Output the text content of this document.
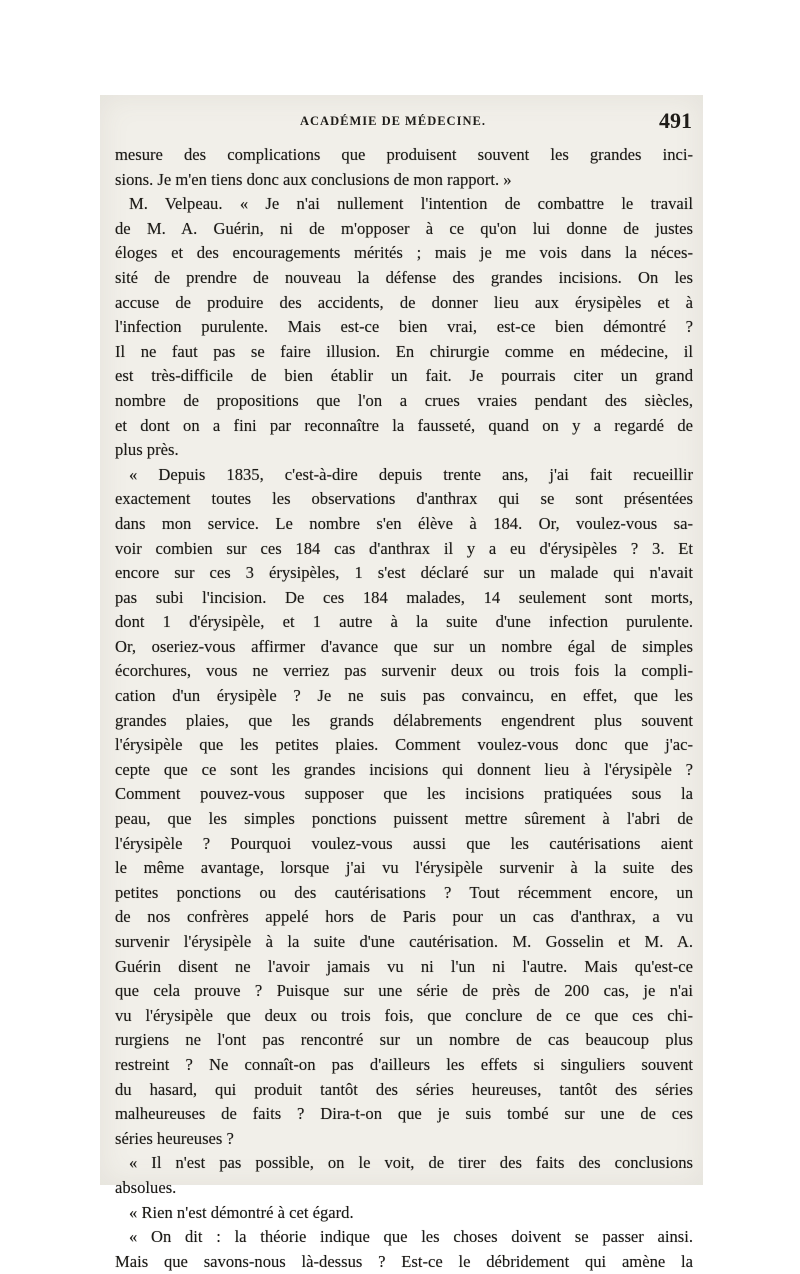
ACADÉMIE DE MÉDECINE.	491
mesure des complications que produisent souvent les grandes inci-
sions. Je m'en tiens donc aux conclusions de mon rapport. »
M. Velpeau. « Je n'ai nullement l'intention de combattre le travail
de M. A. Guérin, ni de m'opposer à ce qu'on lui donne de justes
éloges et des encouragements mérités ; mais je me vois dans la néces-
sité de prendre de nouveau la défense des grandes incisions. On les
accuse de produire des accidents, de donner lieu aux érysipèles et à
l'infection purulente. Mais est-ce bien vrai, est-ce bien démontré ?
Il ne faut pas se faire illusion. En chirurgie comme en médecine, il
est très-difficile de bien établir un fait. Je pourrais citer un grand
nombre de propositions que l'on a crues vraies pendant des siècles,
et dont on a fini par reconnaître la fausseté, quand on y a regardé de
plus près.
« Depuis 1835, c'est-à-dire depuis trente ans, j'ai fait recueillir
exactement toutes les observations d'anthrax qui se sont présentées
dans mon service. Le nombre s'en élève à 184. Or, voulez-vous sa-
voir combien sur ces 184 cas d'anthrax il y a eu d'érysipèles ? 3. Et
encore sur ces 3 érysipèles, 1 s'est déclaré sur un malade qui n'avait
pas subi l'incision. De ces 184 malades, 14 seulement sont morts,
dont 1 d'érysipèle, et 1 autre à la suite d'une infection purulente.
Or, oseriez-vous affirmer d'avance que sur un nombre égal de simples
écorchures, vous ne verriez pas survenir deux ou trois fois la compli-
cation d'un érysipèle ? Je ne suis pas convaincu, en effet, que les
grandes plaies, que les grands délabrements engendrent plus souvent
l'érysipèle que les petites plaies. Comment voulez-vous donc que j'ac-
cepte que ce sont les grandes incisions qui donnent lieu à l'érysipèle ?
Comment pouvez-vous supposer que les incisions pratiquées sous la
peau, que les simples ponctions puissent mettre sûrement à l'abri de
l'érysipèle ? Pourquoi voulez-vous aussi que les cautérisations aient
le même avantage, lorsque j'ai vu l'érysipèle survenir à la suite des
petites ponctions ou des cautérisations ? Tout récemment encore, un
de nos confrères appelé hors de Paris pour un cas d'anthrax, a vu
survenir l'érysipèle à la suite d'une cautérisation. M. Gosselin et M. A.
Guérin disent ne l'avoir jamais vu ni l'un ni l'autre. Mais qu'est-ce
que cela prouve ? Puisque sur une série de près de 200 cas, je n'ai
vu l'érysipèle que deux ou trois fois, que conclure de ce que ces chi-
rurgiens ne l'ont pas rencontré sur un nombre de cas beaucoup plus
restreint ? Ne connaît-on pas d'ailleurs les effets si singuliers souvent
du hasard, qui produit tantôt des séries heureuses, tantôt des séries
malheureuses de faits ? Dira-t-on que je suis tombé sur une de ces
séries heureuses ?
« Il n'est pas possible, on le voit, de tirer des faits des conclusions
absolues.
« Rien n'est démontré à cet égard.
« On dit : la théorie indique que les choses doivent se passer ainsi.
Mais que savons-nous là-dessus ? Est-ce le débridement qui amène la
